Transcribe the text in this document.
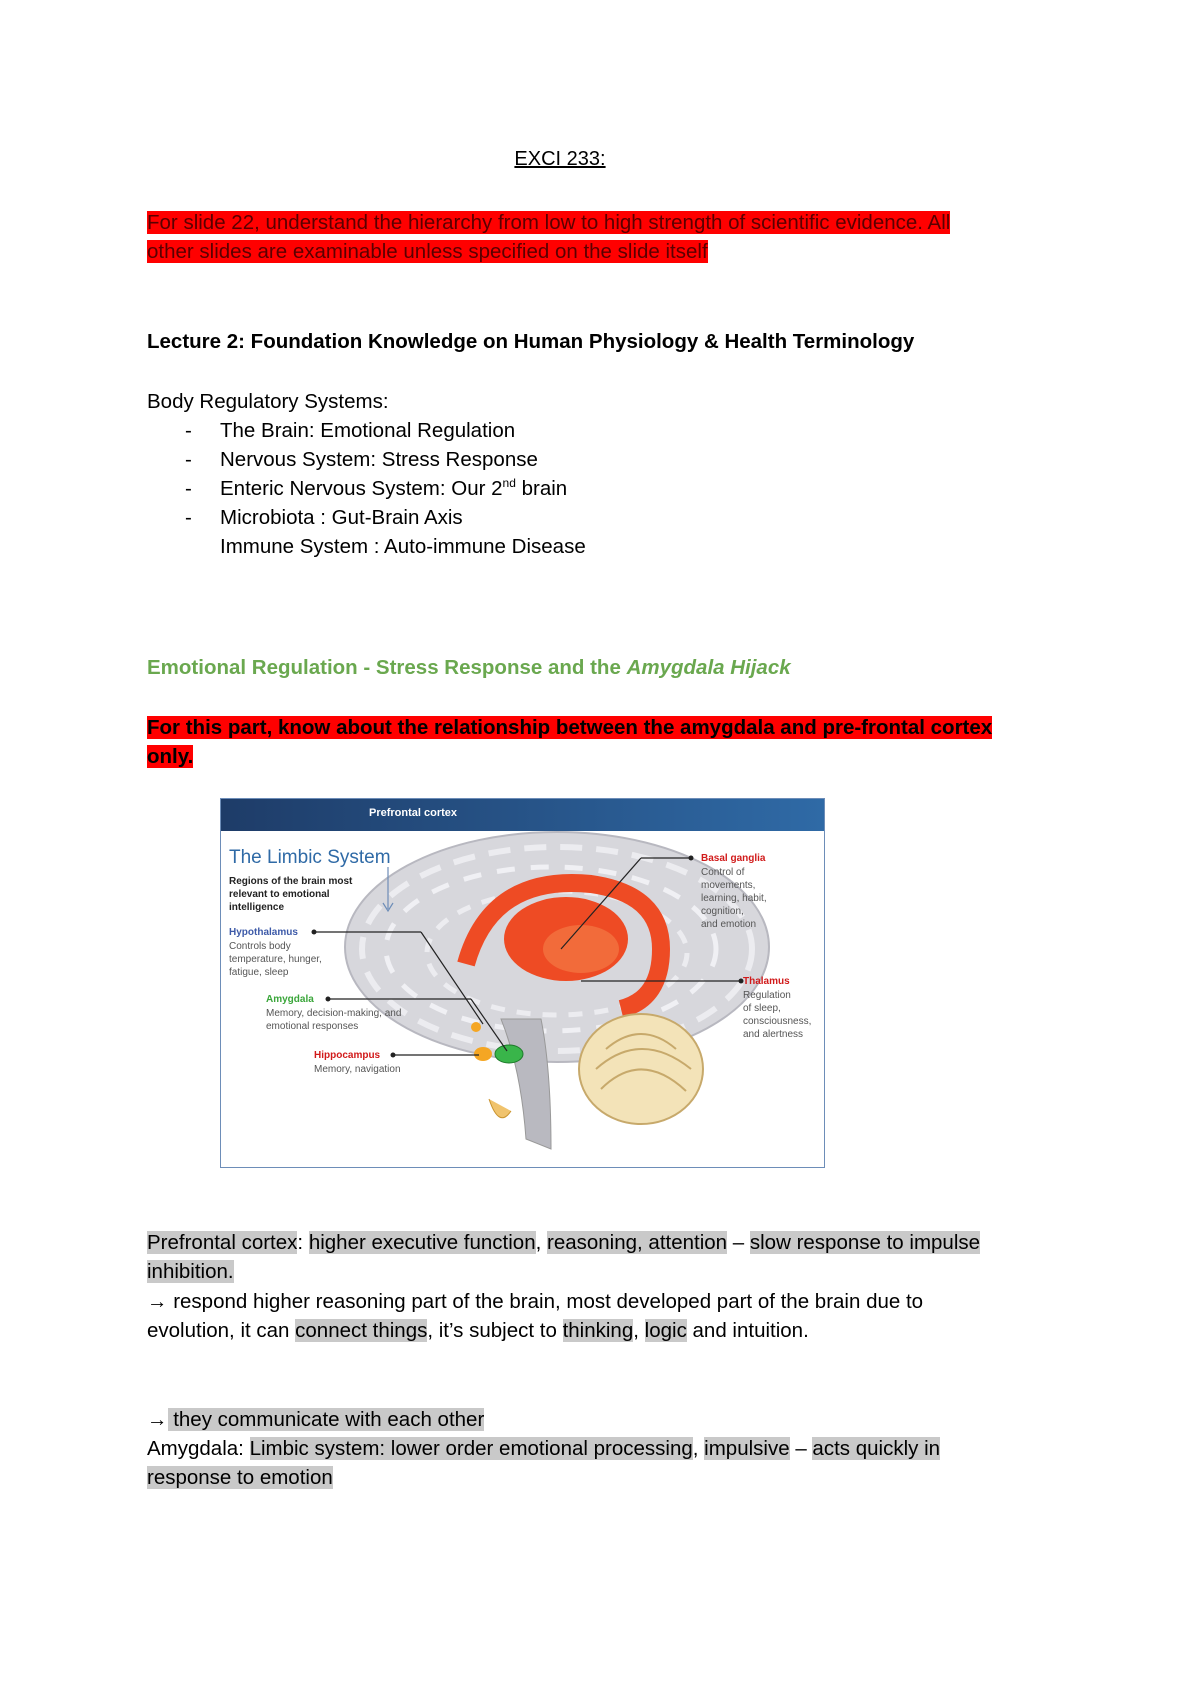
EXCI 233:
For slide 22, understand the hierarchy from low to high strength of scientific evidence. All
other slides are examinable unless specified on the slide itself
Lecture 2: Foundation Knowledge on Human Physiology & Health Terminology
Body Regulatory Systems:
- The Brain: Emotional Regulation
- Nervous System: Stress Response
- Enteric Nervous System: Our 2nd brain
- Microbiota : Gut-Brain Axis
Immune System : Auto-immune Disease
Emotional Regulation - Stress Response and the Amygdala Hijack
For this part, know about the relationship between the amygdala and pre-frontal cortex
only.
Prefrontal cortex
The Limbic System
Regions of the brain most
relevant to emotional
intelligence
Hypothalamus
Controls body
temperature, hunger,
fatigue, sleep
Amygdala
Memory, decision-making, and
emotional responses
Hippocampus
Memory, navigation
Basal ganglia
Control of
movements,
learning, habit,
cognition,
and emotion
Thalamus
Regulation
of sleep,
consciousness,
and alertness
Prefrontal cortex: higher executive function, reasoning, attention – slow response to impulse
inhibition.
→ respond higher reasoning part of the brain, most developed part of the brain due to
evolution, it can connect things, it’s subject to thinking, logic and intuition.
→ they communicate with each other
Amygdala: Limbic system: lower order emotional processing, impulsive – acts quickly in
response to emotion
